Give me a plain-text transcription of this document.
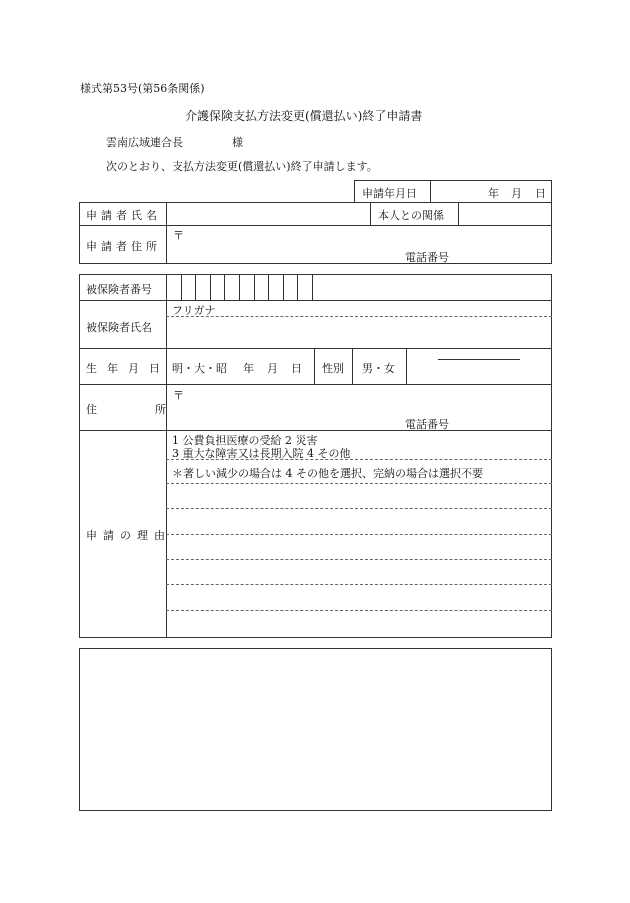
様式第53号(第56条関係)
介護保険支払方法変更(償還払い)終了申請書
雲南広域連合長	様
次のとおり、支払方法変更(償還払い)終了申請します。
申請年月日	年 月 日
申請者氏名	本人との関係
申請者住所
〒
電話番号
被保険者番号
フリガナ
被保険者氏名
生年月日 明・大・昭 年 月 日 性別 男・女
住所
〒
電話番号
1 公費負担医療の受給 2 災害
3 重大な障害又は長期入院 4 その他
＊著しい減少の場合は 4 その他を選択、完納の場合は選択不要
申請の理由
